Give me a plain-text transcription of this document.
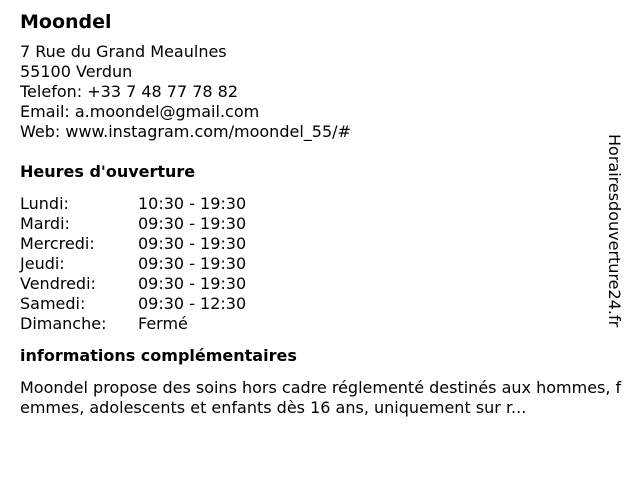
Moondel
7 Rue du Grand Meaulnes
55100 Verdun
Telefon: +33 7 48 77 78 82
Email: a.moondel@gmail.com
Web: www.instagram.com/moondel_55/#
Heures d'ouverture
Lundi:	10:30 - 19:30
Mardi:	09:30 - 19:30
Mercredi:	09:30 - 19:30
Jeudi:	09:30 - 19:30
Vendredi:	09:30 - 19:30
Samedi:	09:30 - 12:30
Dimanche:	Fermé
informations complémentaires
Moondel propose des soins hors cadre réglementé destinés aux hommes, femmes, adolescents et enfants dès 16 ans, uniquement sur r...
Horairesdouverture24.fr
